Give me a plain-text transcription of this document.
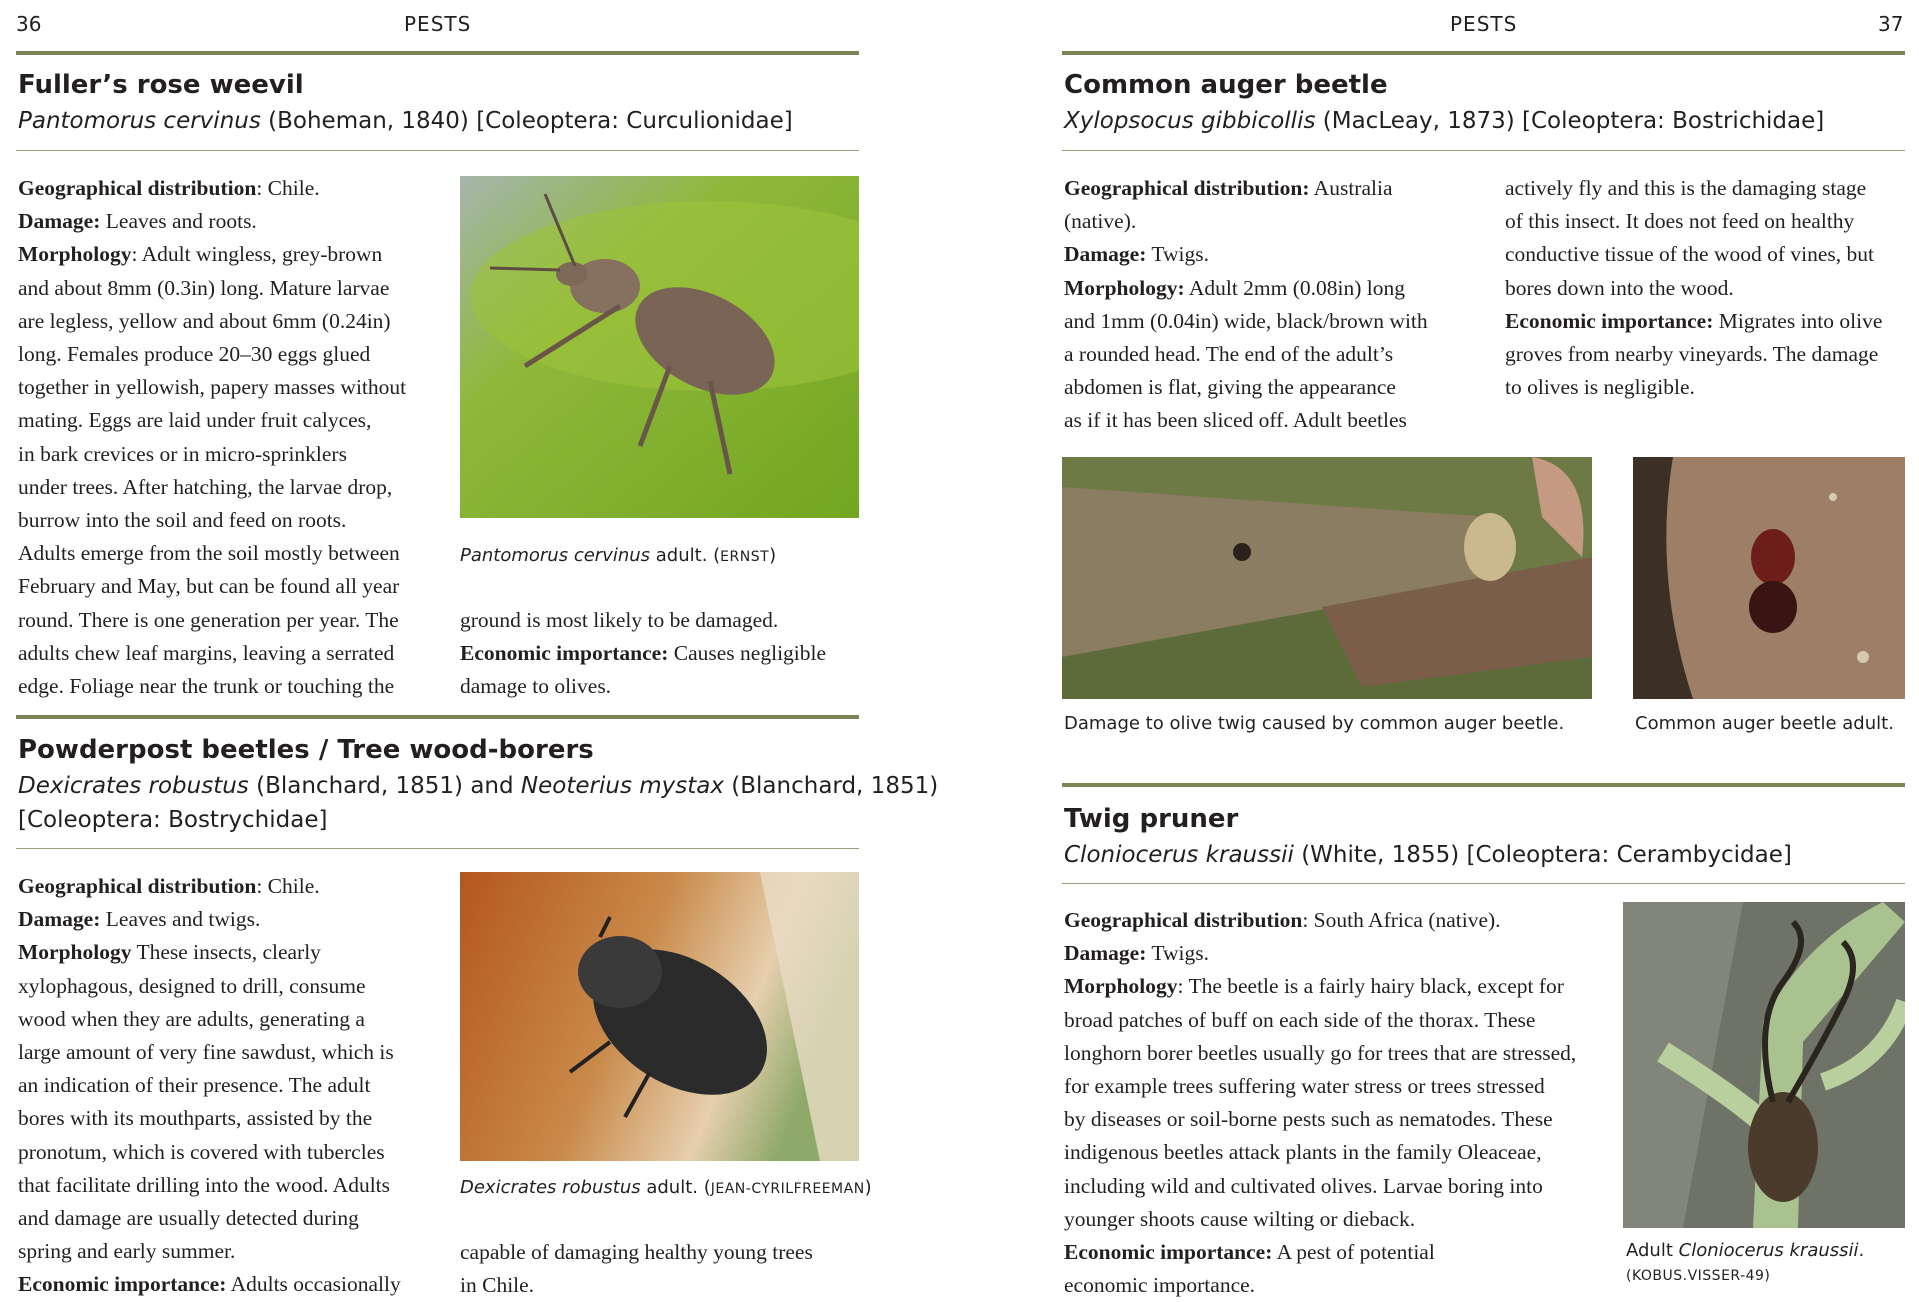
36	PESTS
Fuller’s rose weevil
Pantomorus cervinus (Boheman, 1840) [Coleoptera: Curculionidae]
Geographical distribution: Chile.
Damage: Leaves and roots.
Morphology: Adult wingless, grey-brown
and about 8mm (0.3in) long. Mature larvae
are legless, yellow and about 6mm (0.24in)
long. Females produce 20–30 eggs glued
together in yellowish, papery masses without
mating. Eggs are laid under fruit calyces,
in bark crevices or in micro-sprinklers
under trees. After hatching, the larvae drop,
burrow into the soil and feed on roots.
Adults emerge from the soil mostly between
February and May, but can be found all year
round. There is one generation per year. The
adults chew leaf margins, leaving a serrated
edge. Foliage near the trunk or touching the
Pantomorus cervinus adult. (ERNST)
ground is most likely to be damaged.
Economic importance: Causes negligible
damage to olives.
Powderpost beetles / Tree wood-borers
Dexicrates robustus (Blanchard, 1851) and Neoterius mystax (Blanchard, 1851)
[Coleoptera: Bostrychidae]
Geographical distribution: Chile.
Damage: Leaves and twigs.
Morphology These insects, clearly
xylophagous, designed to drill, consume
wood when they are adults, generating a
large amount of very fine sawdust, which is
an indication of their presence. The adult
bores with its mouthparts, assisted by the
pronotum, which is covered with tubercles
that facilitate drilling into the wood. Adults
and damage are usually detected during
spring and early summer.
Economic importance: Adults occasionally
Dexicrates robustus adult. (JEAN-CYRILFREEMAN)
capable of damaging healthy young trees
in Chile.
PESTS	37
Common auger beetle
Xylopsocus gibbicollis (MacLeay, 1873) [Coleoptera: Bostrichidae]
Geographical distribution: Australia
(native).
Damage: Twigs.
Morphology: Adult 2mm (0.08in) long
and 1mm (0.04in) wide, black/brown with
a rounded head. The end of the adult’s
abdomen is flat, giving the appearance
as if it has been sliced off. Adult beetles
actively fly and this is the damaging stage
of this insect. It does not feed on healthy
conductive tissue of the wood of vines, but
bores down into the wood.
Economic importance: Migrates into olive
groves from nearby vineyards. The damage
to olives is negligible.
Damage to olive twig caused by common auger beetle.	Common auger beetle adult.
Twig pruner
Cloniocerus kraussii (White, 1855) [Coleoptera: Cerambycidae]
Geographical distribution: South Africa (native).
Damage: Twigs.
Morphology: The beetle is a fairly hairy black, except for
broad patches of buff on each side of the thorax. These
longhorn borer beetles usually go for trees that are stressed,
for example trees suffering water stress or trees stressed
by diseases or soil-borne pests such as nematodes. These
indigenous beetles attack plants in the family Oleaceae,
including wild and cultivated olives. Larvae boring into
younger shoots cause wilting or dieback.
Economic importance: A pest of potential
economic importance.
Adult Cloniocerus kraussii.
(KOBUS.VISSER-49)
